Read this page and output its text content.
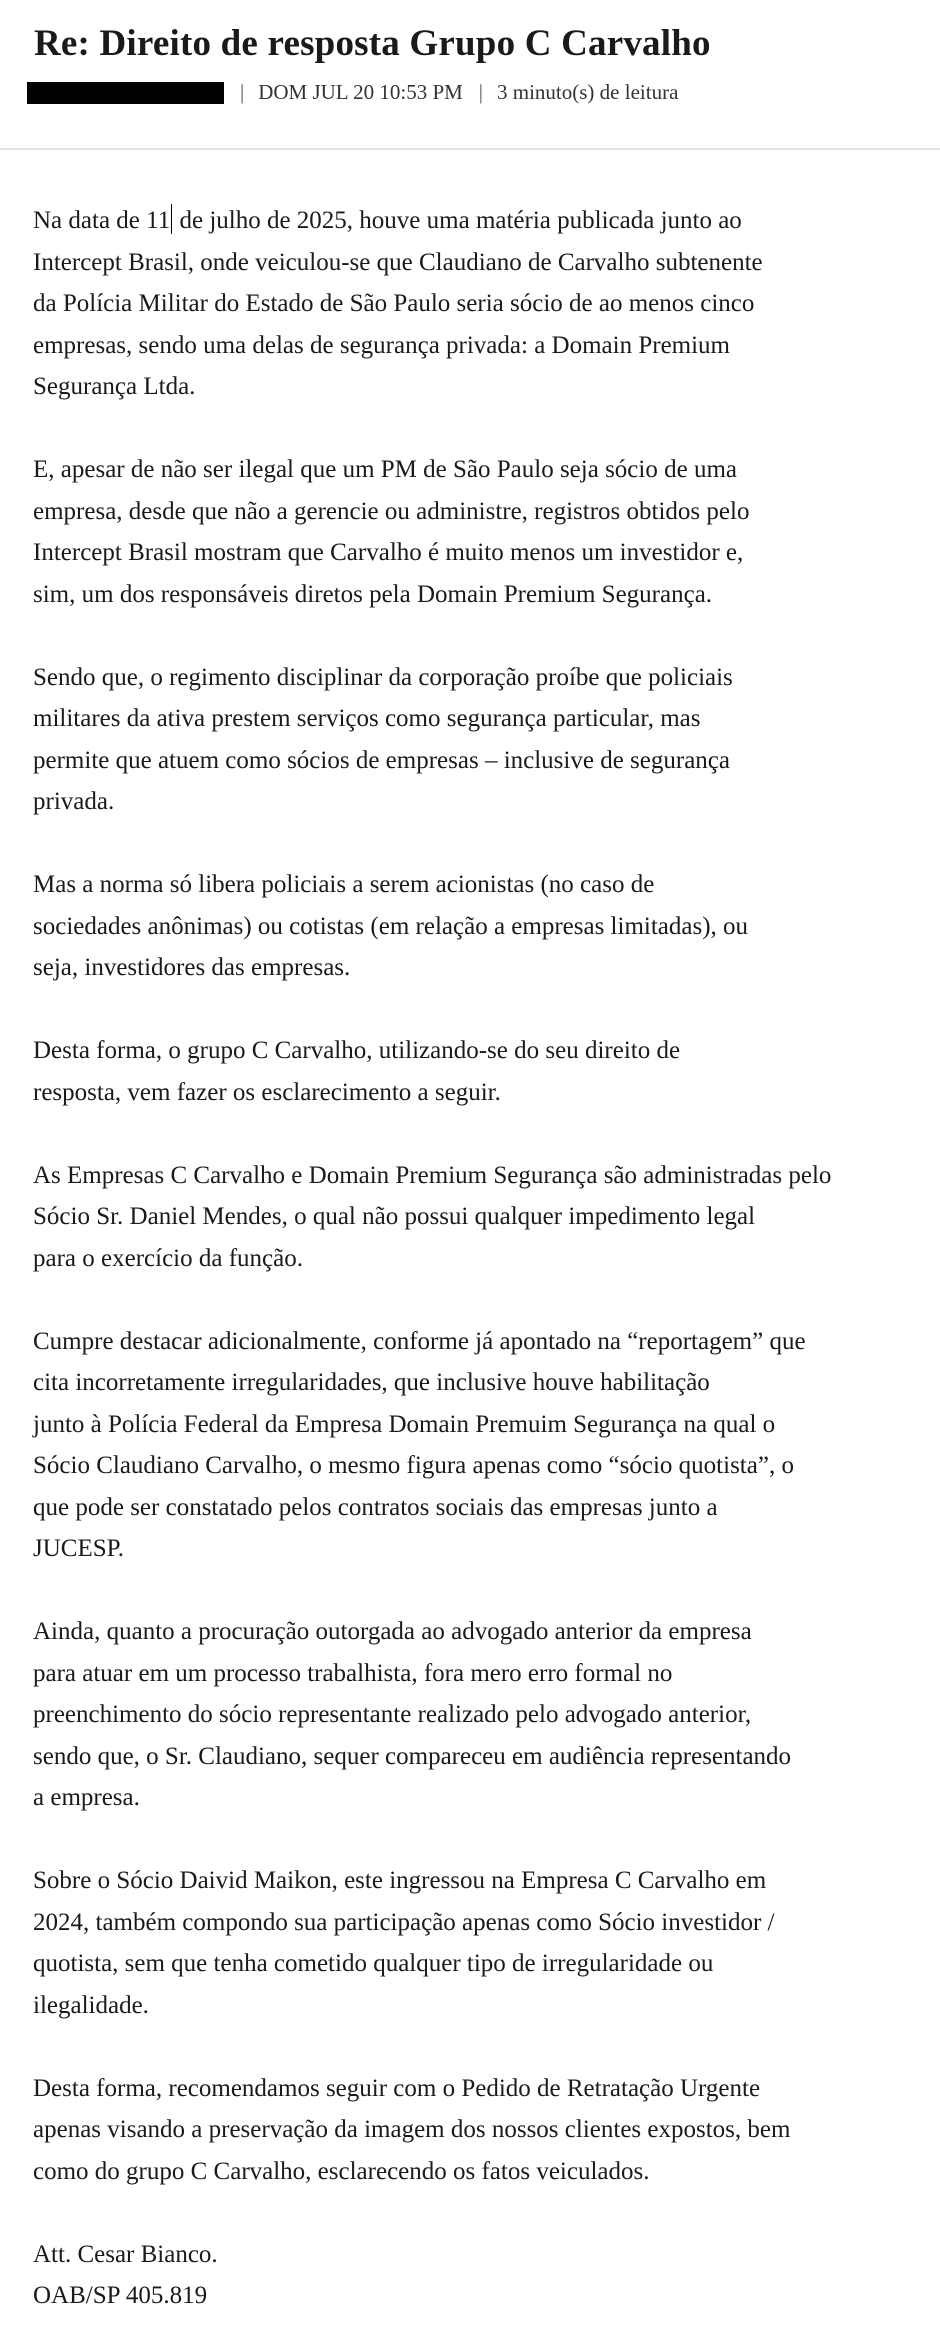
Re: Direito de resposta Grupo C Carvalho
| DOM JUL 20 10:53 PM | 3 minuto(s) de leitura

Na data de 11 de julho de 2025, houve uma matéria publicada junto ao
Intercept Brasil, onde veiculou-se que Claudiano de Carvalho subtenente
da Polícia Militar do Estado de São Paulo seria sócio de ao menos cinco
empresas, sendo uma delas de segurança privada: a Domain Premium
Segurança Ltda.

E, apesar de não ser ilegal que um PM de São Paulo seja sócio de uma
empresa, desde que não a gerencie ou administre, registros obtidos pelo
Intercept Brasil mostram que Carvalho é muito menos um investidor e,
sim, um dos responsáveis diretos pela Domain Premium Segurança.

Sendo que, o regimento disciplinar da corporação proíbe que policiais
militares da ativa prestem serviços como segurança particular, mas
permite que atuem como sócios de empresas – inclusive de segurança
privada.

Mas a norma só libera policiais a serem acionistas (no caso de
sociedades anônimas) ou cotistas (em relação a empresas limitadas), ou
seja, investidores das empresas.

Desta forma, o grupo C Carvalho, utilizando-se do seu direito de
resposta, vem fazer os esclarecimento a seguir.

As Empresas C Carvalho e Domain Premium Segurança são administradas pelo
Sócio Sr. Daniel Mendes, o qual não possui qualquer impedimento legal
para o exercício da função.

Cumpre destacar adicionalmente, conforme já apontado na “reportagem” que
cita incorretamente irregularidades, que inclusive houve habilitação
junto à Polícia Federal da Empresa Domain Premuim Segurança na qual o
Sócio Claudiano Carvalho, o mesmo figura apenas como “sócio quotista”, o
que pode ser constatado pelos contratos sociais das empresas junto a
JUCESP.

Ainda, quanto a procuração outorgada ao advogado anterior da empresa
para atuar em um processo trabalhista, fora mero erro formal no
preenchimento do sócio representante realizado pelo advogado anterior,
sendo que, o Sr. Claudiano, sequer compareceu em audiência representando
a empresa.

Sobre o Sócio Daivid Maikon, este ingressou na Empresa C Carvalho em
2024, também compondo sua participação apenas como Sócio investidor /
quotista, sem que tenha cometido qualquer tipo de irregularidade ou
ilegalidade.

Desta forma, recomendamos seguir com o Pedido de Retratação Urgente
apenas visando a preservação da imagem dos nossos clientes expostos, bem
como do grupo C Carvalho, esclarecendo os fatos veiculados.

Att. Cesar Bianco.
OAB/SP 405.819
